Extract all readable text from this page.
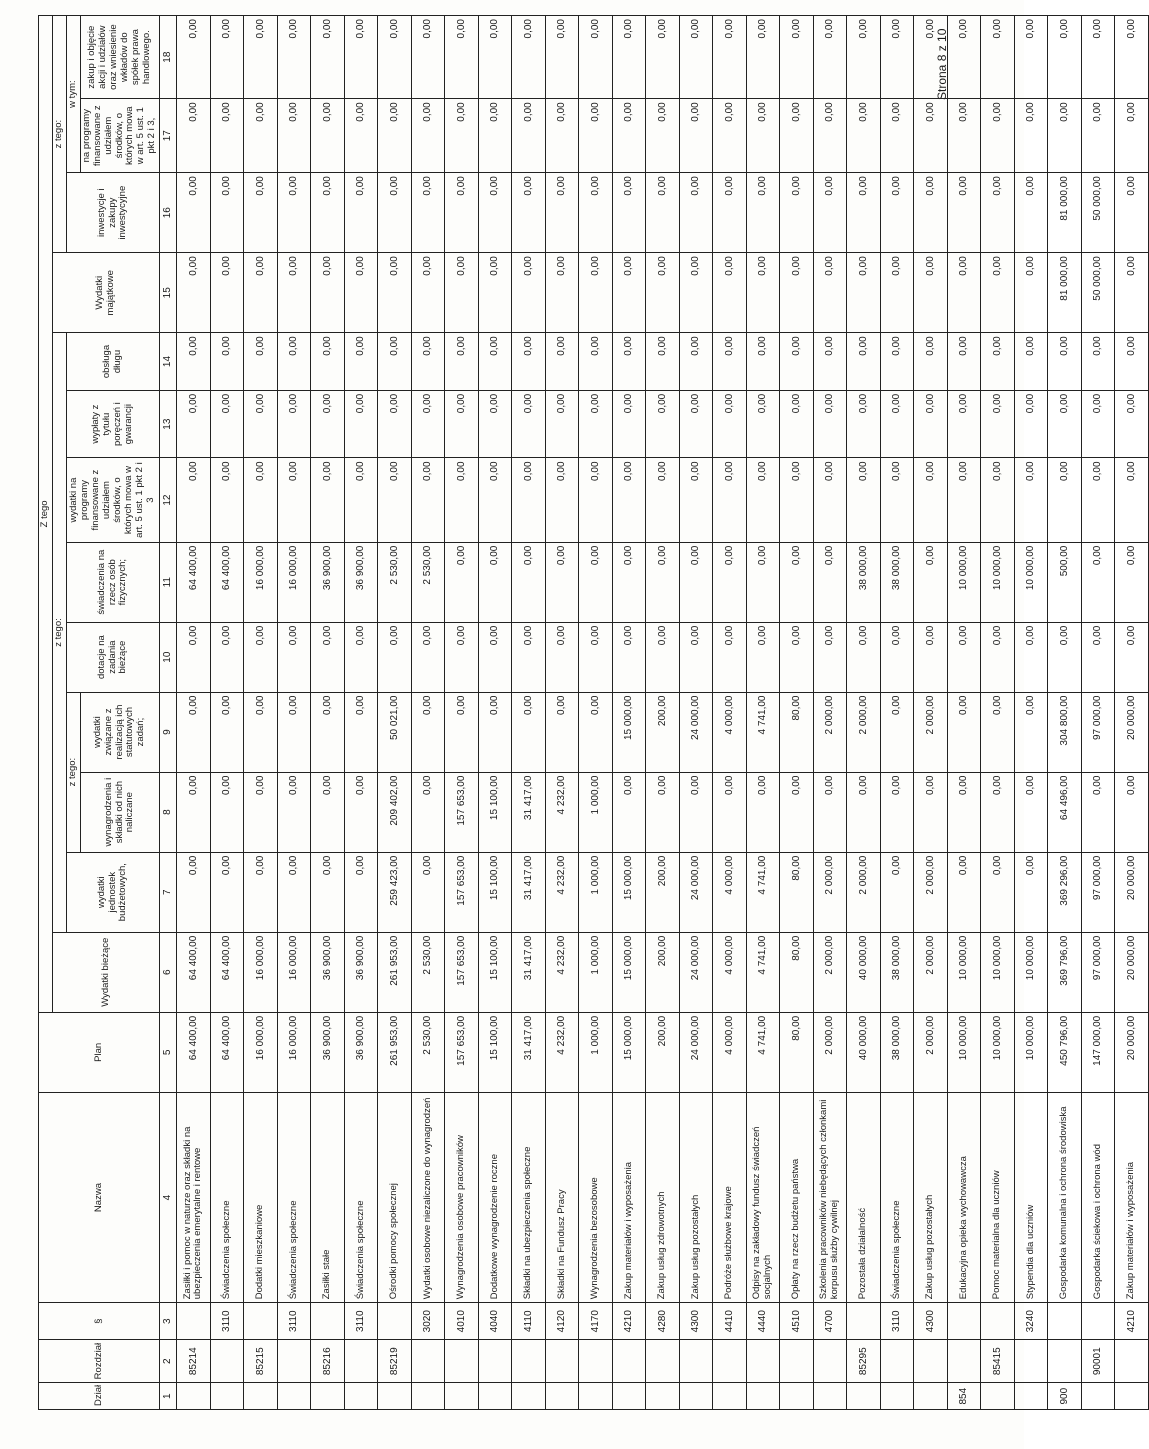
Strona 8 z 10
Dział	Rozdział	§	Nazwa	Plan	Z tego												
					Wydatki bieżące	z tego:								Wydatki majątkowe	z tego:		
						wydatki jednostek budżetowych,	z tego:		dotacje na zadania bieżące	świadczenia na rzecz osób fizycznych;	wydatki na programy finansowane z udziałem środków, o których mowa w art. 5 ust. 1 pkt 2 i 3	wypłaty z tytułu poręczeń i gwarancji	obsługa długu		inwestycje i zakupy inwestycyjne	w tym:	
							wynagrodzenia i składki od nich naliczane	wydatki związane z realizacją ich statutowych zadań;								na programy finansowane z udziałem środków, o których mowa w art. 5 ust. 1 pkt 2 i 3,	zakup i objęcie akcji i udziałów oraz wniesienie wkładów do spółek prawa handlowego.

1	2	3	4	5	6	7	8	9	10	11	12	13	14	15	16	17	18
	85214		Zasiłki i pomoc w naturze oraz składki na ubezpieczenia emerytalne i rentowe	64 400,00	64 400,00	0,00	0,00	0,00	0,00	64 400,00	0,00	0,00	0,00	0,00	0,00	0,00	0,00
		3110	Świadczenia społeczne	64 400,00	64 400,00	0,00	0,00	0,00	0,00	64 400,00	0,00	0,00	0,00	0,00	0,00	0,00	0,00
	85215		Dodatki mieszkaniowe	16 000,00	16 000,00	0,00	0,00	0,00	0,00	16 000,00	0,00	0,00	0,00	0,00	0,00	0,00	0,00
		3110	Świadczenia społeczne	16 000,00	16 000,00	0,00	0,00	0,00	0,00	16 000,00	0,00	0,00	0,00	0,00	0,00	0,00	0,00
	85216		Zasiłki stałe	36 900,00	36 900,00	0,00	0,00	0,00	0,00	36 900,00	0,00	0,00	0,00	0,00	0,00	0,00	0,00
		3110	Świadczenia społeczne	36 900,00	36 900,00	0,00	0,00	0,00	0,00	36 900,00	0,00	0,00	0,00	0,00	0,00	0,00	0,00
	85219		Ośrodki pomocy społecznej	261 953,00	261 953,00	259 423,00	209 402,00	50 021,00	0,00	2 530,00	0,00	0,00	0,00	0,00	0,00	0,00	0,00
		3020	Wydatki osobowe niezaliczone do wynagrodzeń	2 530,00	2 530,00	0,00	0,00	0,00	0,00	2 530,00	0,00	0,00	0,00	0,00	0,00	0,00	0,00
		4010	Wynagrodzenia osobowe pracowników	157 653,00	157 653,00	157 653,00	157 653,00	0,00	0,00	0,00	0,00	0,00	0,00	0,00	0,00	0,00	0,00
		4040	Dodatkowe wynagrodzenie roczne	15 100,00	15 100,00	15 100,00	15 100,00	0,00	0,00	0,00	0,00	0,00	0,00	0,00	0,00	0,00	0,00
		4110	Składki na ubezpieczenia społeczne	31 417,00	31 417,00	31 417,00	31 417,00	0,00	0,00	0,00	0,00	0,00	0,00	0,00	0,00	0,00	0,00
		4120	Składki na Fundusz Pracy	4 232,00	4 232,00	4 232,00	4 232,00	0,00	0,00	0,00	0,00	0,00	0,00	0,00	0,00	0,00	0,00
		4170	Wynagrodzenia bezosobowe	1 000,00	1 000,00	1 000,00	1 000,00	0,00	0,00	0,00	0,00	0,00	0,00	0,00	0,00	0,00	0,00
		4210	Zakup materiałów i wyposażenia	15 000,00	15 000,00	15 000,00	0,00	15 000,00	0,00	0,00	0,00	0,00	0,00	0,00	0,00	0,00	0,00
		4280	Zakup usług zdrowotnych	200,00	200,00	200,00	0,00	200,00	0,00	0,00	0,00	0,00	0,00	0,00	0,00	0,00	0,00
		4300	Zakup usług pozostałych	24 000,00	24 000,00	24 000,00	0,00	24 000,00	0,00	0,00	0,00	0,00	0,00	0,00	0,00	0,00	0,00
		4410	Podróże służbowe krajowe	4 000,00	4 000,00	4 000,00	0,00	4 000,00	0,00	0,00	0,00	0,00	0,00	0,00	0,00	0,00	0,00
		4440	Odpisy na zakładowy fundusz świadczeń socjalnych	4 741,00	4 741,00	4 741,00	0,00	4 741,00	0,00	0,00	0,00	0,00	0,00	0,00	0,00	0,00	0,00
		4510	Opłaty na rzecz budżetu państwa	80,00	80,00	80,00	0,00	80,00	0,00	0,00	0,00	0,00	0,00	0,00	0,00	0,00	0,00
		4700	Szkolenia pracowników niebędących członkami korpusu służby cywilnej	2 000,00	2 000,00	2 000,00	0,00	2 000,00	0,00	0,00	0,00	0,00	0,00	0,00	0,00	0,00	0,00
	85295		Pozostała działalność	40 000,00	40 000,00	2 000,00	0,00	2 000,00	0,00	38 000,00	0,00	0,00	0,00	0,00	0,00	0,00	0,00
		3110	Świadczenia społeczne	38 000,00	38 000,00	0,00	0,00	0,00	0,00	38 000,00	0,00	0,00	0,00	0,00	0,00	0,00	0,00
		4300	Zakup usług pozostałych	2 000,00	2 000,00	2 000,00	0,00	2 000,00	0,00	0,00	0,00	0,00	0,00	0,00	0,00	0,00	0,00
854			Edukacyjna opieka wychowawcza	10 000,00	10 000,00	0,00	0,00	0,00	0,00	10 000,00	0,00	0,00	0,00	0,00	0,00	0,00	0,00
	85415		Pomoc materialna dla uczniów	10 000,00	10 000,00	0,00	0,00	0,00	0,00	10 000,00	0,00	0,00	0,00	0,00	0,00	0,00	0,00
		3240	Stypendia dla uczniów	10 000,00	10 000,00	0,00	0,00	0,00	0,00	10 000,00	0,00	0,00	0,00	0,00	0,00	0,00	0,00
900			Gospodarka komunalna i ochrona środowiska	450 796,00	369 796,00	369 296,00	64 496,00	304 800,00	0,00	500,00	0,00	0,00	0,00	81 000,00	81 000,00	0,00	0,00
	90001		Gospodarka ściekowa i ochrona wód	147 000,00	97 000,00	97 000,00	0,00	97 000,00	0,00	0,00	0,00	0,00	0,00	50 000,00	50 000,00	0,00	0,00
		4210	Zakup materiałów i wyposażenia	20 000,00	20 000,00	20 000,00	0,00	20 000,00	0,00	0,00	0,00	0,00	0,00	0,00	0,00	0,00	0,00
